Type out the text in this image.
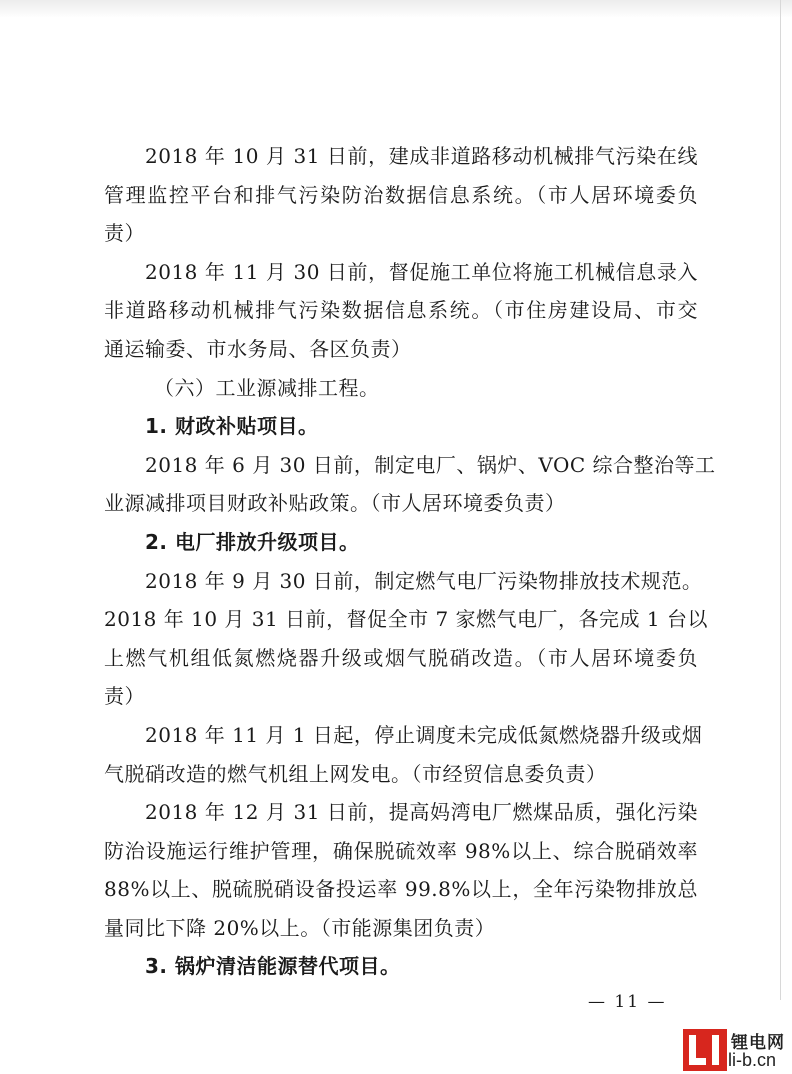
2018 年 10 月 31 日前，建成非道路移动机械排气污染在线
管理监控平台和排气污染防治数据信息系统。（市人居环境委负
责）
2018 年 11 月 30 日前，督促施工单位将施工机械信息录入
非道路移动机械排气污染数据信息系统。（市住房建设局、市交
通运输委、市水务局、各区负责）
（六）工业源减排工程。
1. 财政补贴项目。
2018 年 6 月 30 日前，制定电厂、锅炉、VOC 综合整治等工
业源减排项目财政补贴政策。（市人居环境委负责）
2. 电厂排放升级项目。
2018 年 9 月 30 日前，制定燃气电厂污染物排放技术规范。
2018 年 10 月 31 日前，督促全市 7 家燃气电厂，各完成 1 台以
上燃气机组低氮燃烧器升级或烟气脱硝改造。（市人居环境委负
责）
2018 年 11 月 1 日起，停止调度未完成低氮燃烧器升级或烟
气脱硝改造的燃气机组上网发电。（市经贸信息委负责）
2018 年 12 月 31 日前，提高妈湾电厂燃煤品质，强化污染
防治设施运行维护管理，确保脱硫效率 98%以上、综合脱硝效率
88%以上、脱硫脱硝设备投运率 99.8%以上，全年污染物排放总
量同比下降 20%以上。（市能源集团负责）
3. 锅炉清洁能源替代项目。
— 11 —
锂电网
li-b.cn
